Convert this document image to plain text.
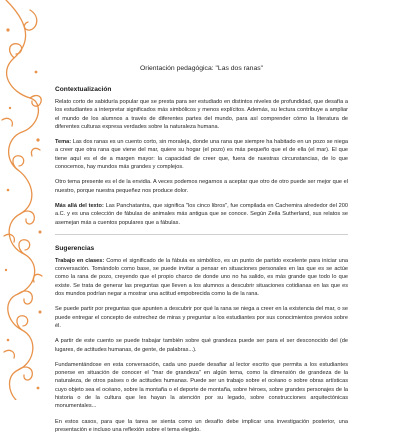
Orientación pedagógica: "Las dos ranas"
Contextualización

Relato corto de sabiduría popular que se presta para ser estudiado en distintos niveles de profundidad, que desafía a los estudiantes a interpretar significados más simbólicos y menos explícitos. Además, su lectura contribuye a ampliar el mundo de los alumnos a través de diferentes partes del mundo, para así comprender cómo la literatura de diferentes culturas expresa verdades sobre la naturaleza humana.

Tema: Las dos ranas es un cuento corto, sin moraleja, donde una rana que siempre ha habitado en un pozo se niega a creer que otra rana que viene del mar, quiere su hogar (el pozo) es más pequeño que el de ella (el mar). El que tiene aquí es el de a margen mayor: la capacidad de creer que, fuera de nuestras circunstancias, de lo que conocemos, hay mundos más grandes y complejos.

Otro tema presente es el de la envidia. A veces podemos negarnos a aceptar que otro de otro puede ser mejor que el nuestro, porque nuestra pequeñez nos produce dolor.

Más allá del texto: Las Panchatantra, que significa "los cinco libros", fue compilada en Cachemira alrededor del 200 a.C. y es una colección de fábulas de animales más antigua que se conoce. Según Zeila Sutherland, sus relatos se asemejan más a cuentos populares que a fábulas.

Sugerencias

Trabajo en clases: Como el significado de la fábula es simbólico, es un punto de partido excelente para iniciar una conversación. Tomándolo como base, se puede invitar a pensar en situaciones personales en las que es se actúe como la rana de pozo, creyendo que el propio charco de donde uno no ha salido, es más grande que todo lo que existe. Se trata de generar las preguntas que lleven a los alumnos a descubrir situaciones cotidianas en las que es dos mundos podrían negar a mostrar una actitud empobrecida como la de la rana.

Se puede partir por preguntas que apunten a descubrir por qué la rana se niega a creer en la existencia del mar, o se puede entregar el concepto de estrechez de miras y preguntar a los estudiantes por sus conocimientos previos sobre él.

A partir de este cuento se puede trabajar también sobre qué grandeza puede ser para el ser desconocido del (de lugares, de actitudes humanas, de gente, de palabras...).

Fundamentándose en esta conversación, cada uno puede desafiar al lector escrito que permita a los estudiantes ponerse en situación de conocer el "mar de grandeza" en algún tema, como la dimensión de grandeza de la naturaleza, de otros países o de actitudes humanas. Puede ser un trabajo sobre el océano o sobre obras artísticas cuyo objeto sea el océano, sobre la montaña o el deporte de montaña, sobre héroes, sobre grandes personajes de la historia o de la cultura que les hayan la atención por su legado, sobre construcciones arquitectónicas monumentales...

En estos casos, para que la tarea se sienta como un desafío debe implicar una investigación posterior, una presentación e incluso una reflexión sobre el tema elegido.
